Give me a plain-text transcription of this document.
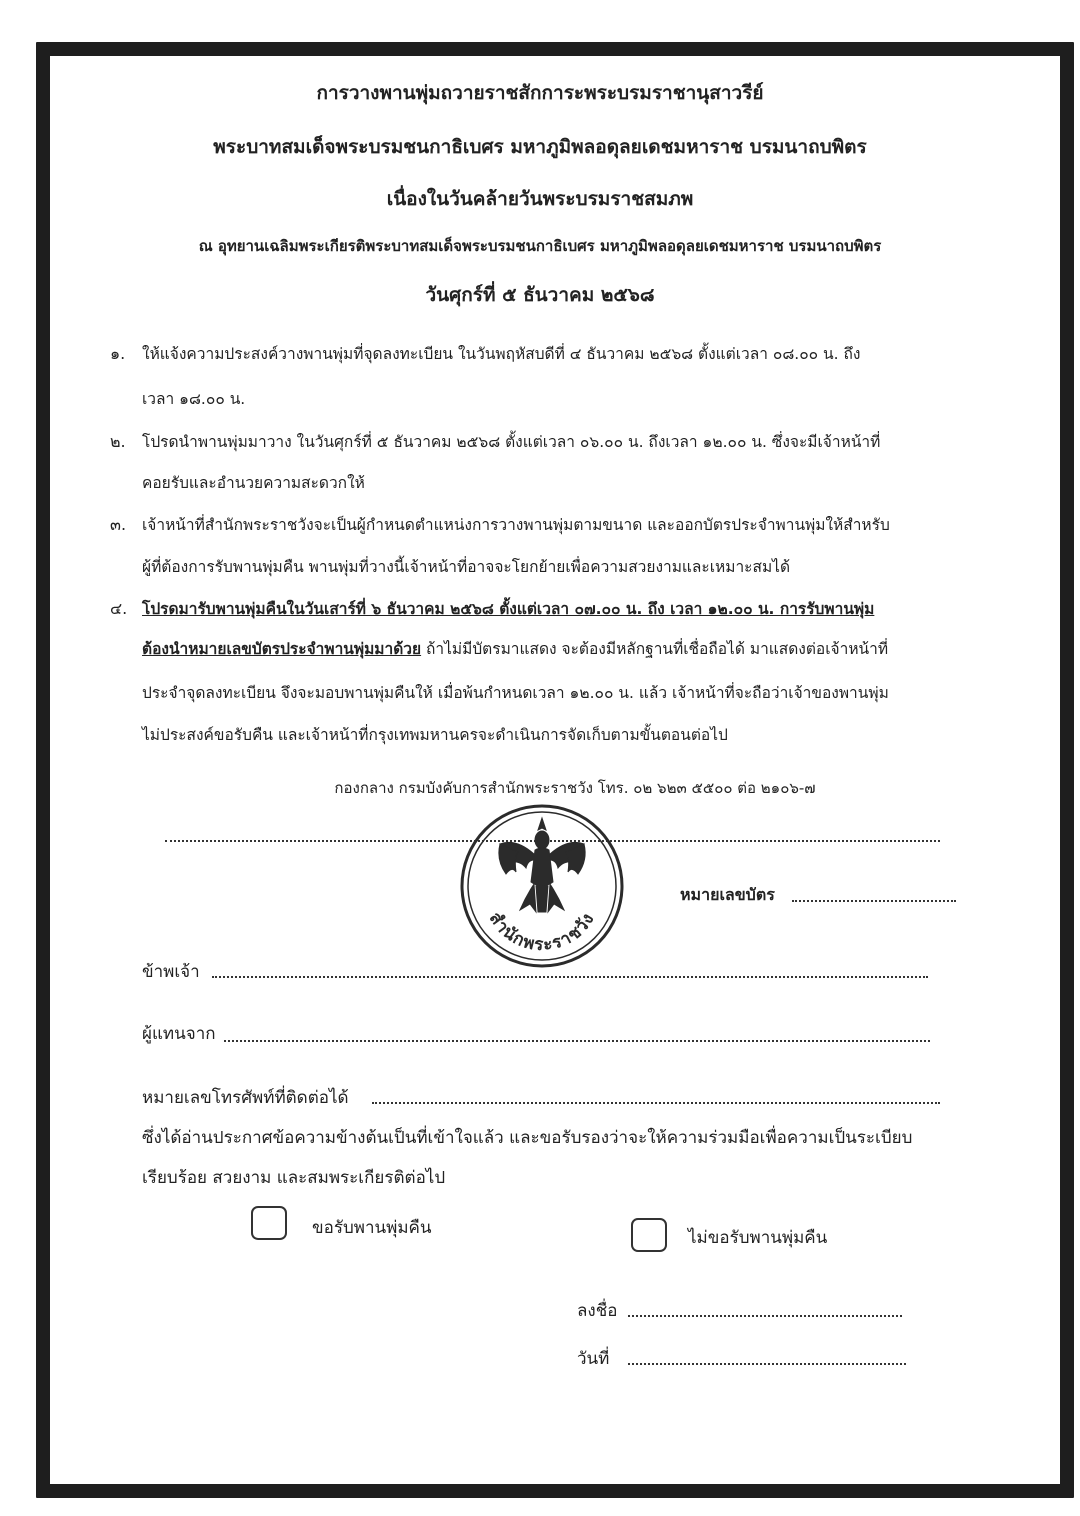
การวางพานพุ่มถวายราชสักการะพระบรมราชานุสาวรีย์
พระบาทสมเด็จพระบรมชนกาธิเบศร มหาภูมิพลอดุลยเดชมหาราช บรมนาถบพิตร
เนื่องในวันคล้ายวันพระบรมราชสมภพ
ณ อุทยานเฉลิมพระเกียรติพระบาทสมเด็จพระบรมชนกาธิเบศร มหาภูมิพลอดุลยเดชมหาราช บรมนาถบพิตร
วันศุกร์ที่ ๕ ธันวาคม ๒๕๖๘
๑. ให้แจ้งความประสงค์วางพานพุ่มที่จุดลงทะเบียน ในวันพฤหัสบดีที่ ๔ ธันวาคม ๒๕๖๘ ตั้งแต่เวลา ๐๘.๐๐ น. ถึง
เวลา ๑๘.๐๐ น.
๒. โปรดนำพานพุ่มมาวาง ในวันศุกร์ที่ ๕ ธันวาคม ๒๕๖๘ ตั้งแต่เวลา ๐๖.๐๐ น. ถึงเวลา ๑๒.๐๐ น. ซึ่งจะมีเจ้าหน้าที่
คอยรับและอำนวยความสะดวกให้
๓. เจ้าหน้าที่สำนักพระราชวังจะเป็นผู้กำหนดตำแหน่งการวางพานพุ่มตามขนาด และออกบัตรประจำพานพุ่มให้สำหรับ
ผู้ที่ต้องการรับพานพุ่มคืน พานพุ่มที่วางนี้เจ้าหน้าที่อาจจะโยกย้ายเพื่อความสวยงามและเหมาะสมได้
๔. โปรดมารับพานพุ่มคืนในวันเสาร์ที่ ๖ ธันวาคม ๒๕๖๘ ตั้งแต่เวลา ๐๗.๐๐ น. ถึง เวลา ๑๒.๐๐ น. การรับพานพุ่ม
ต้องนำหมายเลขบัตรประจำพานพุ่มมาด้วย ถ้าไม่มีบัตรมาแสดง จะต้องมีหลักฐานที่เชื่อถือได้ มาแสดงต่อเจ้าหน้าที่
ประจำจุดลงทะเบียน จึงจะมอบพานพุ่มคืนให้ เมื่อพ้นกำหนดเวลา ๑๒.๐๐ น. แล้ว เจ้าหน้าที่จะถือว่าเจ้าของพานพุ่ม
ไม่ประสงค์ขอรับคืน และเจ้าหน้าที่กรุงเทพมหานครจะดำเนินการจัดเก็บตามขั้นตอนต่อไป
กองกลาง กรมบังคับการสำนักพระราชวัง โทร. ๐๒ ๖๒๓ ๕๕๐๐ ต่อ ๒๑๐๖-๗
สำนักพระราชวัง
หมายเลขบัตร
ข้าพเจ้า
ผู้แทนจาก
หมายเลขโทรศัพท์ที่ติดต่อได้
ซึ่งได้อ่านประกาศข้อความข้างต้นเป็นที่เข้าใจแล้ว และขอรับรองว่าจะให้ความร่วมมือเพื่อความเป็นระเบียบ
เรียบร้อย สวยงาม และสมพระเกียรติต่อไป
ขอรับพานพุ่มคืน	ไม่ขอรับพานพุ่มคืน
ลงชื่อ
วันที่
